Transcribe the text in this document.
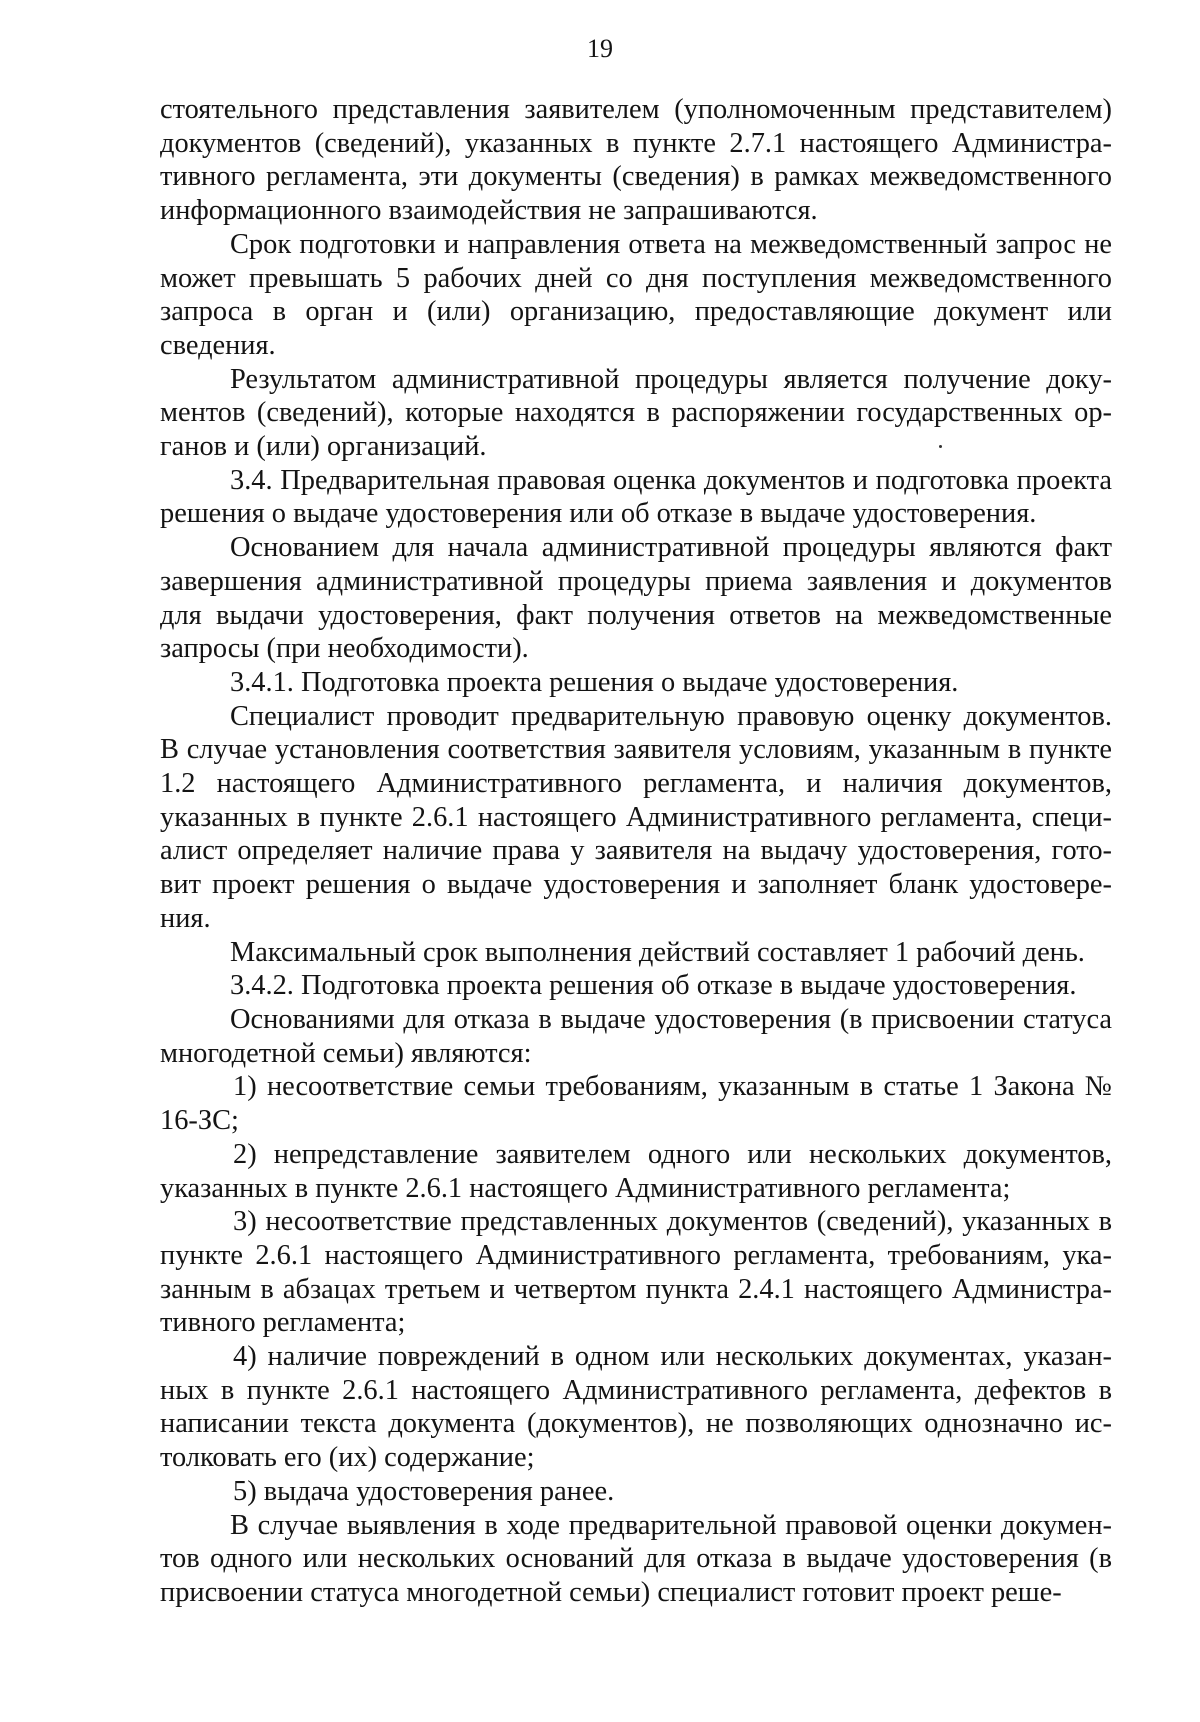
19

стоятельного представления заявителем (уполномоченным представителем) документов (сведений), указанных в пункте 2.7.1 настоящего Административного регламента, эти документы (сведения) в рамках межведомственного информационного взаимодействия не запрашиваются.

Срок подготовки и направления ответа на межведомственный запрос не может превышать 5 рабочих дней со дня поступления межведомственного запроса в орган и (или) организацию, предоставляющие документ или сведения.

Результатом административной процедуры является получение документов (сведений), которые находятся в распоряжении государственных органов и (или) организаций.

3.4. Предварительная правовая оценка документов и подготовка проекта решения о выдаче удостоверения или об отказе в выдаче удостоверения.

Основанием для начала административной процедуры являются факт завершения административной процедуры приема заявления и документов для выдачи удостоверения, факт получения ответов на межведомственные запросы (при необходимости).

3.4.1. Подготовка проекта решения о выдаче удостоверения.

Специалист проводит предварительную правовую оценку документов. В случае установления соответствия заявителя условиям, указанным в пункте 1.2 настоящего Административного регламента, и наличия документов, указанных в пункте 2.6.1 настоящего Административного регламента, специалист определяет наличие права у заявителя на выдачу удостоверения, готовит проект решения о выдаче удостоверения и заполняет бланк удостоверения.

Максимальный срок выполнения действий составляет 1 рабочий день.

3.4.2. Подготовка проекта решения об отказе в выдаче удостоверения.

Основаниями для отказа в выдаче удостоверения (в присвоении статуса многодетной семьи) являются:

1) несоответствие семьи требованиям, указанным в статье 1 Закона № 16-ЗС;

2) непредставление заявителем одного или нескольких документов, указанных в пункте 2.6.1 настоящего Административного регламента;

3) несоответствие представленных документов (сведений), указанных в пункте 2.6.1 настоящего Административного регламента, требованиям, указанным в абзацах третьем и четвертом пункта 2.4.1 настоящего Административного регламента;

4) наличие повреждений в одном или нескольких документах, указанных в пункте 2.6.1 настоящего Административного регламента, дефектов в написании текста документа (документов), не позволяющих однозначно истолковать его (их) содержание;

5) выдача удостоверения ранее.

В случае выявления в ходе предварительной правовой оценки документов одного или нескольких оснований для отказа в выдаче удостоверения (в присвоении статуса многодетной семьи) специалист готовит проект реше-
